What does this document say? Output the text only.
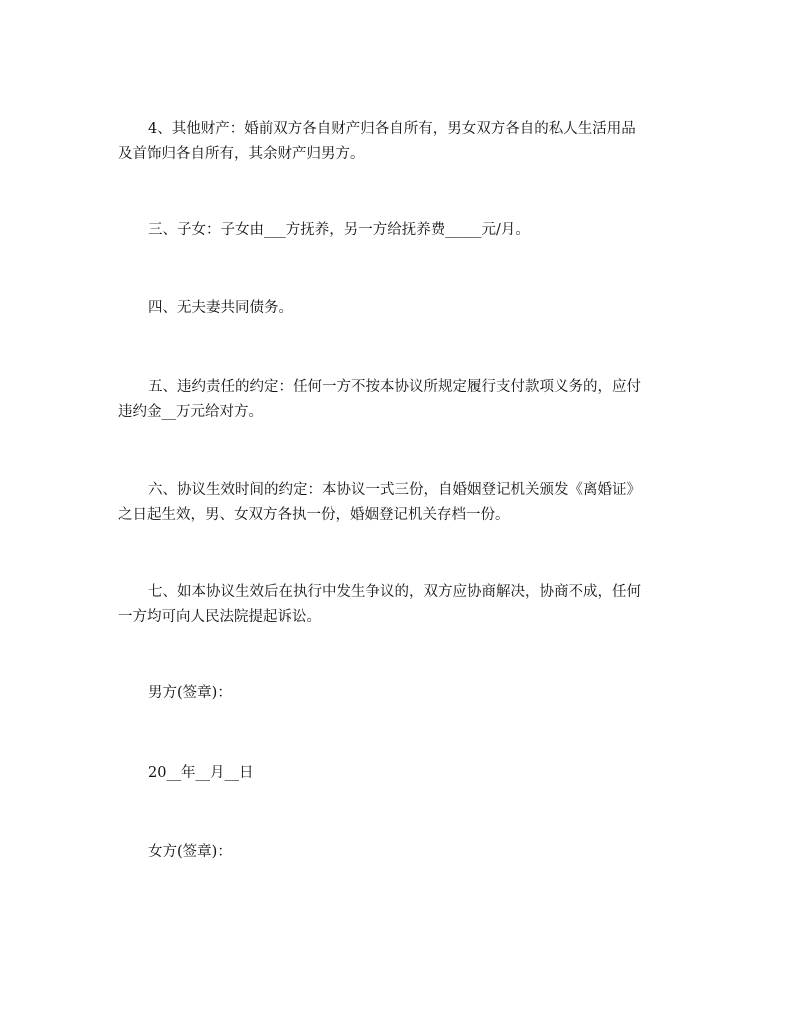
4、其他财产：婚前双方各自财产归各自所有，男女双方各自的私人生活用品
及首饰归各自所有，其余财产归男方。
三、子女：子女由___方抚养，另一方给抚养费_____元/月。
四、无夫妻共同债务。
五、违约责任的约定：任何一方不按本协议所规定履行支付款项义务的，应付
违约金__万元给对方。
六、协议生效时间的约定：本协议一式三份，自婚姻登记机关颁发《离婚证》
之日起生效，男、女双方各执一份，婚姻登记机关存档一份。
七、如本协议生效后在执行中发生争议的，双方应协商解决，协商不成，任何
一方均可向人民法院提起诉讼。
男方(签章)：
20__年__月__日
女方(签章)：
